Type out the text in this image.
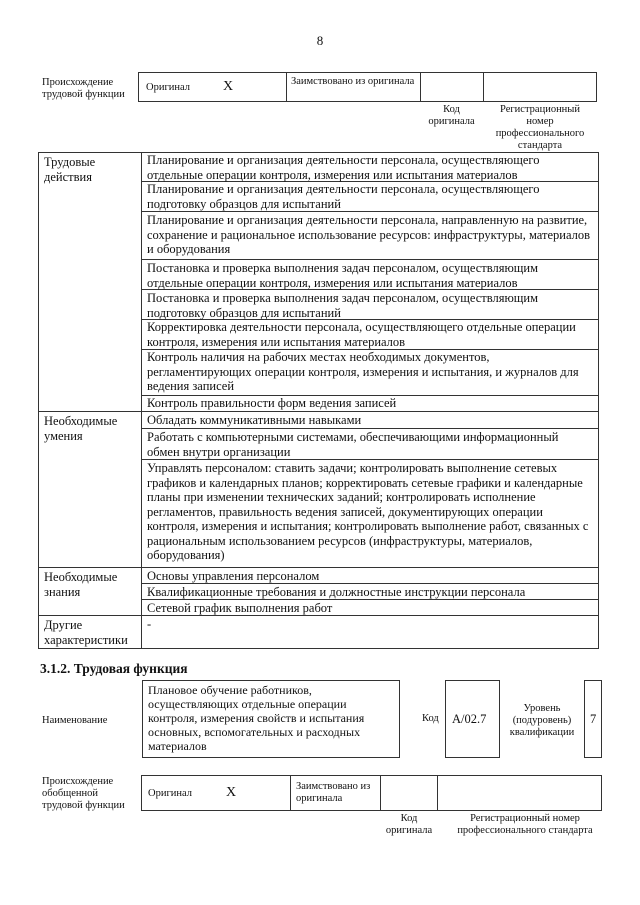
8
Происхождение трудовой функции
Оригинал X	Заимствовано из оригинала
Код оригинала
Регистрационный номер профессионального стандарта
Трудовые действия
Необходимые умения
Необходимые знания
Другие характеристики
Планирование и организация деятельности персонала, осуществляющего отдельные операции контроля, измерения или испытания материалов
Планирование и организация деятельности персонала, осуществляющего подготовку образцов для испытаний
Планирование и организация деятельности персонала, направленную на развитие, сохранение и рациональное использование ресурсов: инфраструктуры, материалов и оборудования
Постановка и проверка выполнения задач персоналом, осуществляющим отдельные операции контроля, измерения или испытания материалов
Постановка и проверка выполнения задач персоналом, осуществляющим подготовку образцов для испытаний
Корректировка деятельности персонала, осуществляющего отдельные операции контроля, измерения или испытания материалов
Контроль наличия на рабочих местах необходимых документов, регламентирующих операции контроля, измерения и испытания, и журналов для ведения записей
Контроль правильности форм ведения записей
Обладать коммуникативными навыками
Работать с компьютерными системами, обеспечивающими информационный обмен внутри организации
Управлять персоналом: ставить задачи; контролировать выполнение сетевых графиков и календарных планов; корректировать сетевые графики и календарные планы при изменении технических заданий; контролировать исполнение регламентов, правильность ведения записей, документирующих операции контроля, измерения и испытания; контролировать выполнение работ, связанных с рациональным использованием ресурсов (инфраструктуры, материалов, оборудования)
Основы управления персоналом
Квалификационные требования и должностные инструкции персонала
Сетевой график выполнения работ
-
3.1.2. Трудовая функция
Наименование
Плановое обучение работников, осуществляющих отдельные операции контроля, измерения свойств и испытания основных, вспомогательных и расходных материалов
Код А/02.7
Уровень (подуровень) квалификации
7
Происхождение обобщенной трудовой функции
Оригинал X	Заимствовано из оригинала
Код оригинала
Регистрационный номер профессионального стандарта
